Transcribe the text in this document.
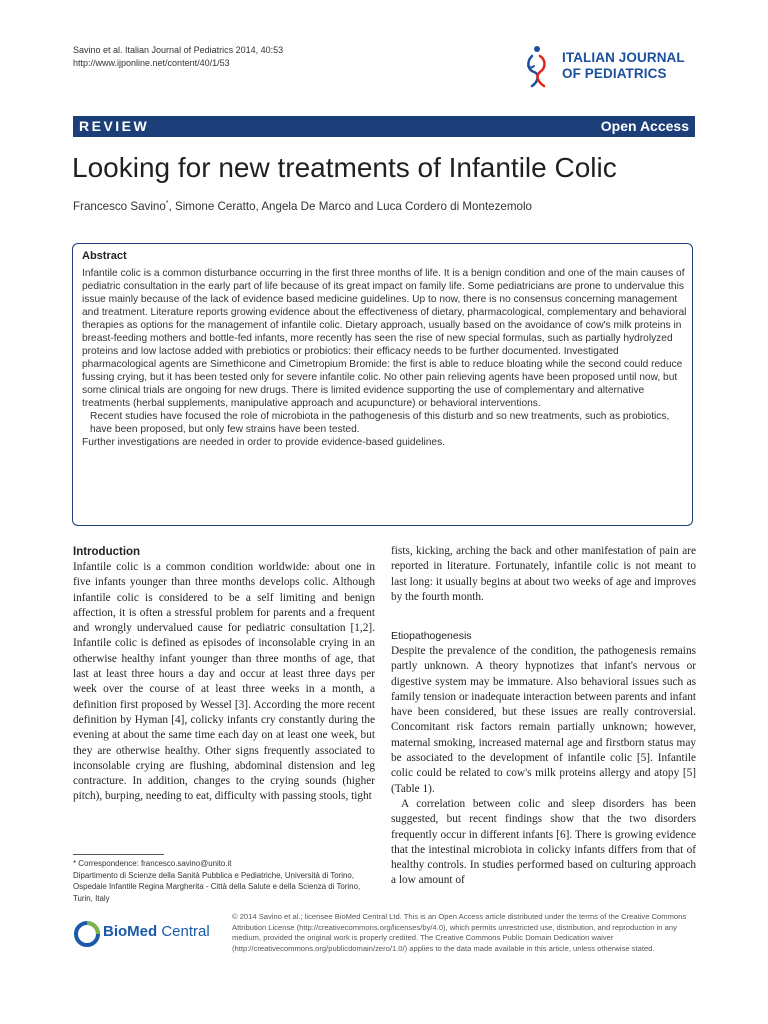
Savino et al. Italian Journal of Pediatrics 2014, 40:53
http://www.ijponline.net/content/40/1/53	ITALIAN JOURNAL
OF PEDIATRICS
REVIEW	Open Access
Looking for new treatments of Infantile Colic
Francesco Savino*, Simone Ceratto, Angela De Marco and Luca Cordero di Montezemolo
Abstract

Infantile colic is a common disturbance occurring in the first three months of life. It is a benign condition and one of the main causes of pediatric consultation in the early part of life because of its great impact on family life. Some pediatricians are prone to undervalue this issue mainly because of the lack of evidence based medicine guidelines. Up to now, there is no consensus concerning management and treatment. Literature reports growing evidence about the effectiveness of dietary, pharmacological, complementary and behavioral therapies as options for the management of infantile colic. Dietary approach, usually based on the avoidance of cow's milk proteins in breast-feeding mothers and bottle-fed infants, more recently has seen the rise of new special formulas, such as partially hydrolyzed proteins and low lactose added with prebiotics or probiotics: their efficacy needs to be further documented. Investigated pharmacological agents are Simethicone and Cimetropium Bromide: the first is able to reduce bloating while the second could reduce fussing crying, but it has been tested only for severe infantile colic. No other pain relieving agents have been proposed until now, but some clinical trials are ongoing for new drugs. There is limited evidence supporting the use of complementary and alternative treatments (herbal supplements, manipulative approach and acupuncture) or behavioral interventions.

Recent studies have focused the role of microbiota in the pathogenesis of this disturb and so new treatments, such as probiotics, have been proposed, but only few strains have been tested.

Further investigations are needed in order to provide evidence-based guidelines.

Introduction

Infantile colic is a common condition worldwide: about one in five infants younger than three months develops colic. Although infantile colic is considered to be a self limiting and benign affection, it is often a stressful problem for parents and a frequent and wrongly undervalued cause for pediatric consultation [1,2]. Infantile colic is defined as episodes of inconsolable crying in an otherwise healthy infant younger than three months of age, that last at least three hours a day and occur at least three days per week over the course of at least three weeks in a month, a definition first proposed by Wessel [3]. According the more recent definition by Hyman [4], colicky infants cry constantly during the evening at about the same time each day on at least one week, but they are otherwise healthy. Other signs frequently associated to inconsolable crying are flushing, abdominal distension and leg contracture. In addition, changes to the crying sounds (higher pitch), burping, needing to eat, difficulty with passing stools, tight

* Correspondence: francesco.savino@unito.it
Dipartimento di Scienze della Sanità Pubblica e Pediatriche, Università di Torino, Ospedale Infantile Regina Margherita - Città della Salute e della Scienza di Torino, Turin, Italy

fists, kicking, arching the back and other manifestation of pain are reported in literature. Fortunately, infantile colic is not meant to last long: it usually begins at about two weeks of age and improves by the fourth month.

Etiopathogenesis

Despite the prevalence of the condition, the pathogenesis remains partly unknown. A theory hypnotizes that infant's nervous or digestive system may be immature. Also behavioral issues such as family tension or inadequate interaction between parents and infant have been considered, but these issues are really controversial. Concomitant risk factors remain partially unknown; however, maternal smoking, increased maternal age and firstborn status may be associated to the development of infantile colic [5]. Infantile colic could be related to cow's milk proteins allergy and atopy [5] (Table 1).

A correlation between colic and sleep disorders has been suggested, but recent findings show that the two disorders frequently occur in different infants [6]. There is growing evidence that the intestinal microbiota in colicky infants differs from that of healthy controls. In studies performed based on culturing approach a low amount of

BioMed Central
© 2014 Savino et al.; licensee BioMed Central Ltd. This is an Open Access article distributed under the terms of the Creative Commons Attribution License (http://creativecommons.org/licenses/by/4.0), which permits unrestricted use, distribution, and reproduction in any medium, provided the original work is properly credited. The Creative Commons Public Domain Dedication waiver (http://creativecommons.org/publicdomain/zero/1.0/) applies to the data made available in this article, unless otherwise stated.
